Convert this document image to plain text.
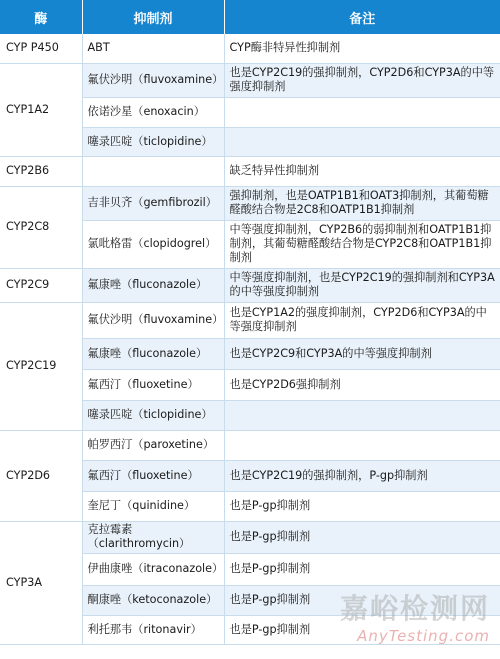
酶	抑制剂	备注
CYP P450	ABT	CYP酶非特异性抑制剂
CYP1A2	氟伏沙明（fluvoxamine）	也是CYP2C19的强抑制剂，CYP2D6和CYP3A的中等强度抑制剂
	依诺沙星（enoxacin）	
	噻录匹啶（ticlopidine）	
CYP2B6		缺乏特异性抑制剂
CYP2C8	吉非贝齐（gemfibrozil）	强抑制剂，也是OATP1B1和OAT3抑制剂，其葡萄糖醛酸结合物是2C8和OATP1B1抑制剂
	氯吡格雷（clopidogrel）	中等强度抑制剂，CYP2B6的弱抑制剂和OATP1B1抑制剂，其葡萄糖醛酸结合物是CYP2C8和OATP1B1抑制剂
CYP2C9	氟康唑（fluconazole）	中等强度抑制剂，也是CYP2C19的强抑制剂和CYP3A的中等强度抑制剂
CYP2C19	氟伏沙明（fluvoxamine）	也是CYP1A2的强度抑制剂，CYP2D6和CYP3A的中等强度抑制剂
	氟康唑（fluconazole）	也是CYP2C9和CYP3A的中等强度抑制剂
	氟西汀（fluoxetine）	也是CYP2D6强抑制剂
	噻录匹啶（ticlopidine）	
CYP2D6	帕罗西汀（paroxetine）	
	氟西汀（fluoxetine）	也是CYP2C19的强抑制剂，P-gp抑制剂
	奎尼丁（quinidine）	也是P-gp抑制剂
CYP3A	克拉霉素（clarithromycin）	也是P-gp抑制剂
	伊曲康唑（itraconazole）	也是P-gp抑制剂
	酮康唑（ketoconazole）	也是P-gp抑制剂
	利托那韦（ritonavir）	也是P-gp抑制剂
嘉峪检测网
AnyTesting.com
